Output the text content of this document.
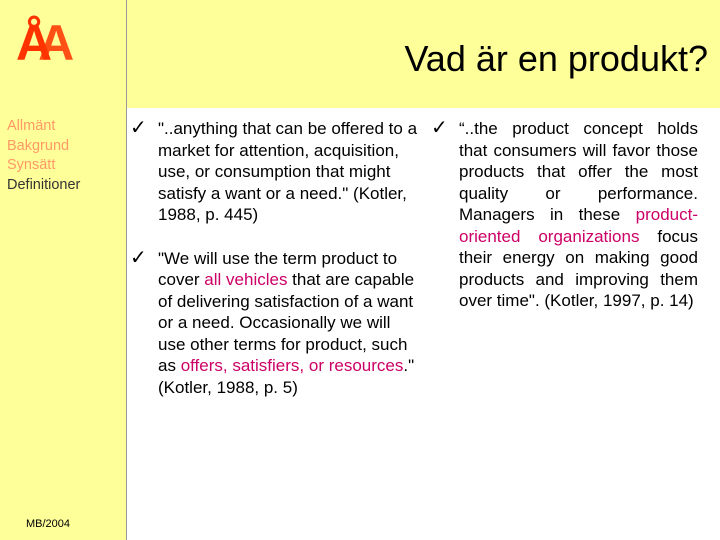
ÅA
Allmänt
Bakgrund
Synsätt
Definitioner
MB/2004
Vad är en produkt?
✓ "..anything that can be offered to a market for attention, acquisition, use, or consumption that might satisfy a want or a need." (Kotler, 1988, p. 445)
✓ "We will use the term product to cover all vehicles that are capable of delivering satisfaction of a want or a need. Occasionally we will use other terms for product, such as offers, satisfiers, or resources." (Kotler, 1988, p. 5)
✓ “..the product concept holds that consumers will favor those products that offer the most quality or performance. Managers in these product-oriented organizations focus their energy on making good products and improving them over time". (Kotler, 1997, p. 14)
